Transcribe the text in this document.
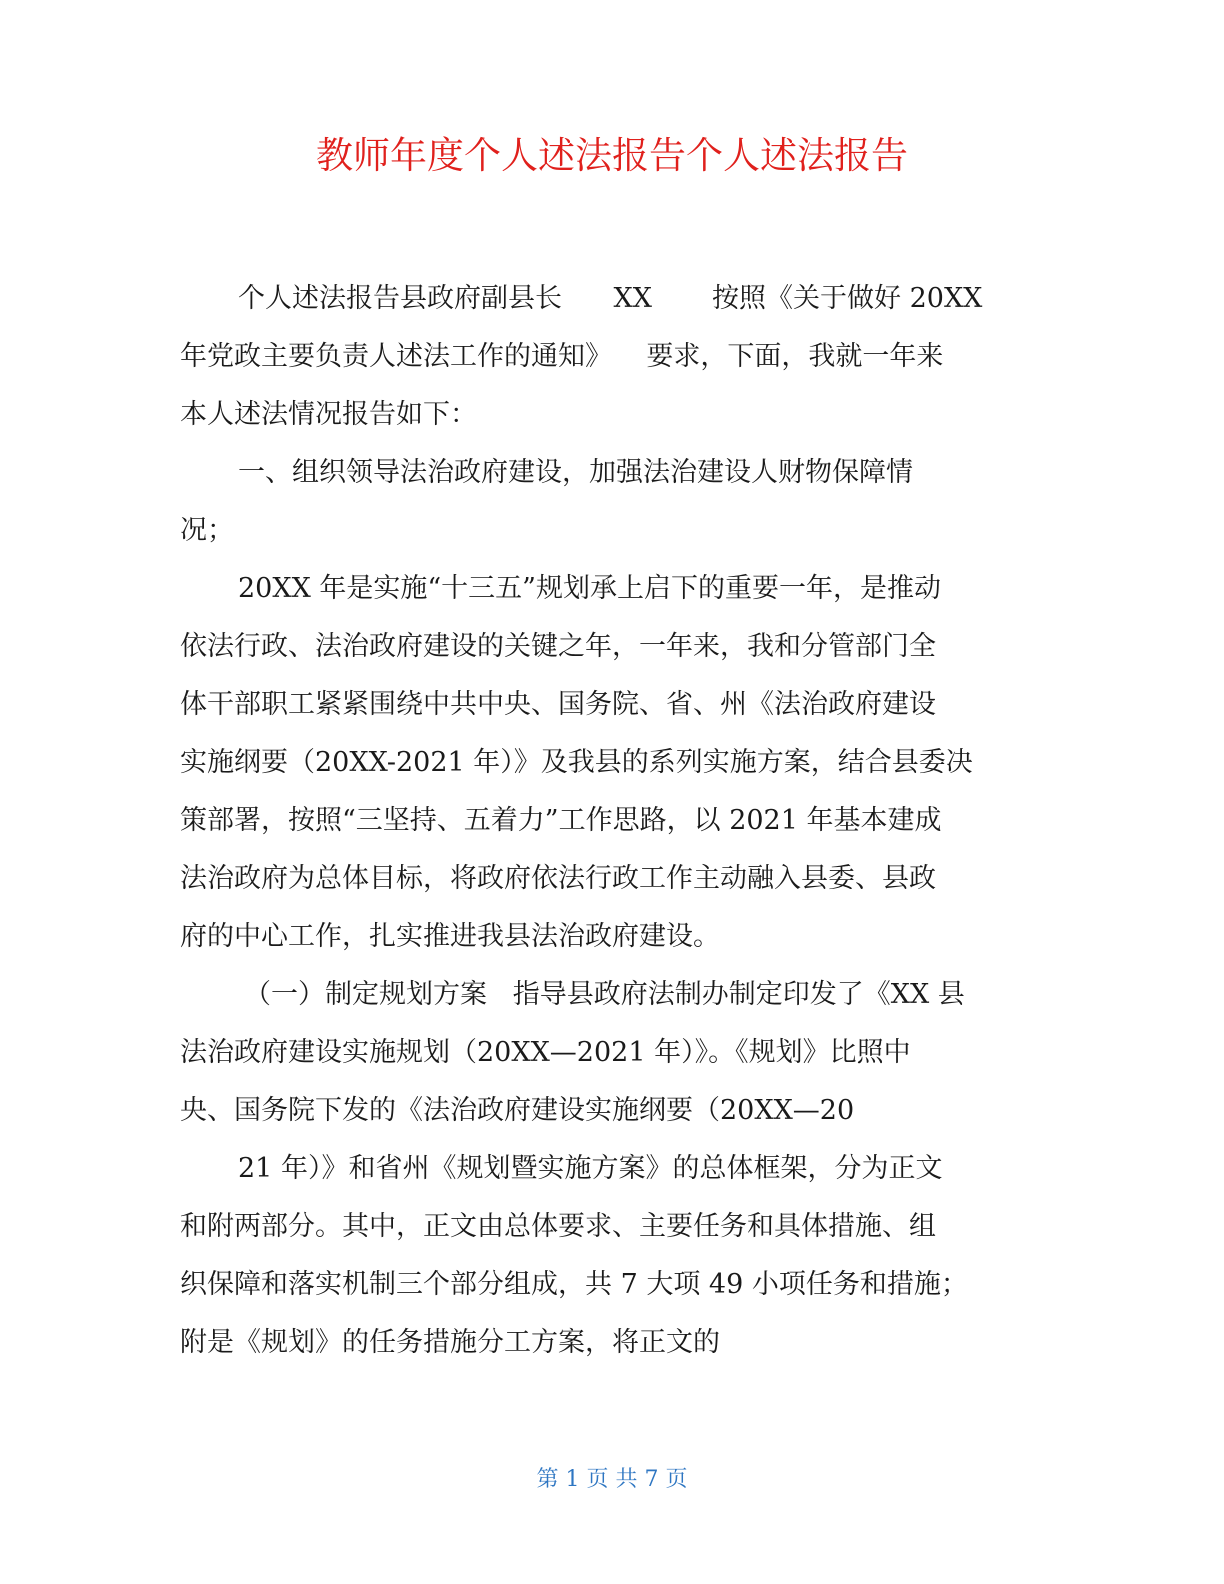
教师年度个人述法报告个人述法报告
个人述法报告县政府副县长      XX       按照《关于做好 20XX
年党政主要负责人述法工作的通知》    要求，下面，我就一年来
本人述法情况报告如下：
一、组织领导法治政府建设，加强法治建设人财物保障情
况；
20XX 年是实施“十三五”规划承上启下的重要一年，是推动
依法行政、法治政府建设的关键之年，一年来，我和分管部门全
体干部职工紧紧围绕中共中央、国务院、省、州《法治政府建设
实施纲要（20XX-2021 年）》及我县的系列实施方案，结合县委决
策部署，按照“三坚持、五着力”工作思路，以 2021 年基本建成
法治政府为总体目标，将政府依法行政工作主动融入县委、县政
府的中心工作，扎实推进我县法治政府建设。
（一）制定规划方案   指导县政府法制办制定印发了《XX 县
法治政府建设实施规划（20XX—2021 年）》。《规划》比照中
央、国务院下发的《法治政府建设实施纲要（20XX—20
21 年）》和省州《规划暨实施方案》的总体框架，分为正文
和附两部分。其中，正文由总体要求、主要任务和具体措施、组
织保障和落实机制三个部分组成，共 7 大项 49 小项任务和措施；
附是《规划》的任务措施分工方案，将正文的

第 1 页 共 7 页
